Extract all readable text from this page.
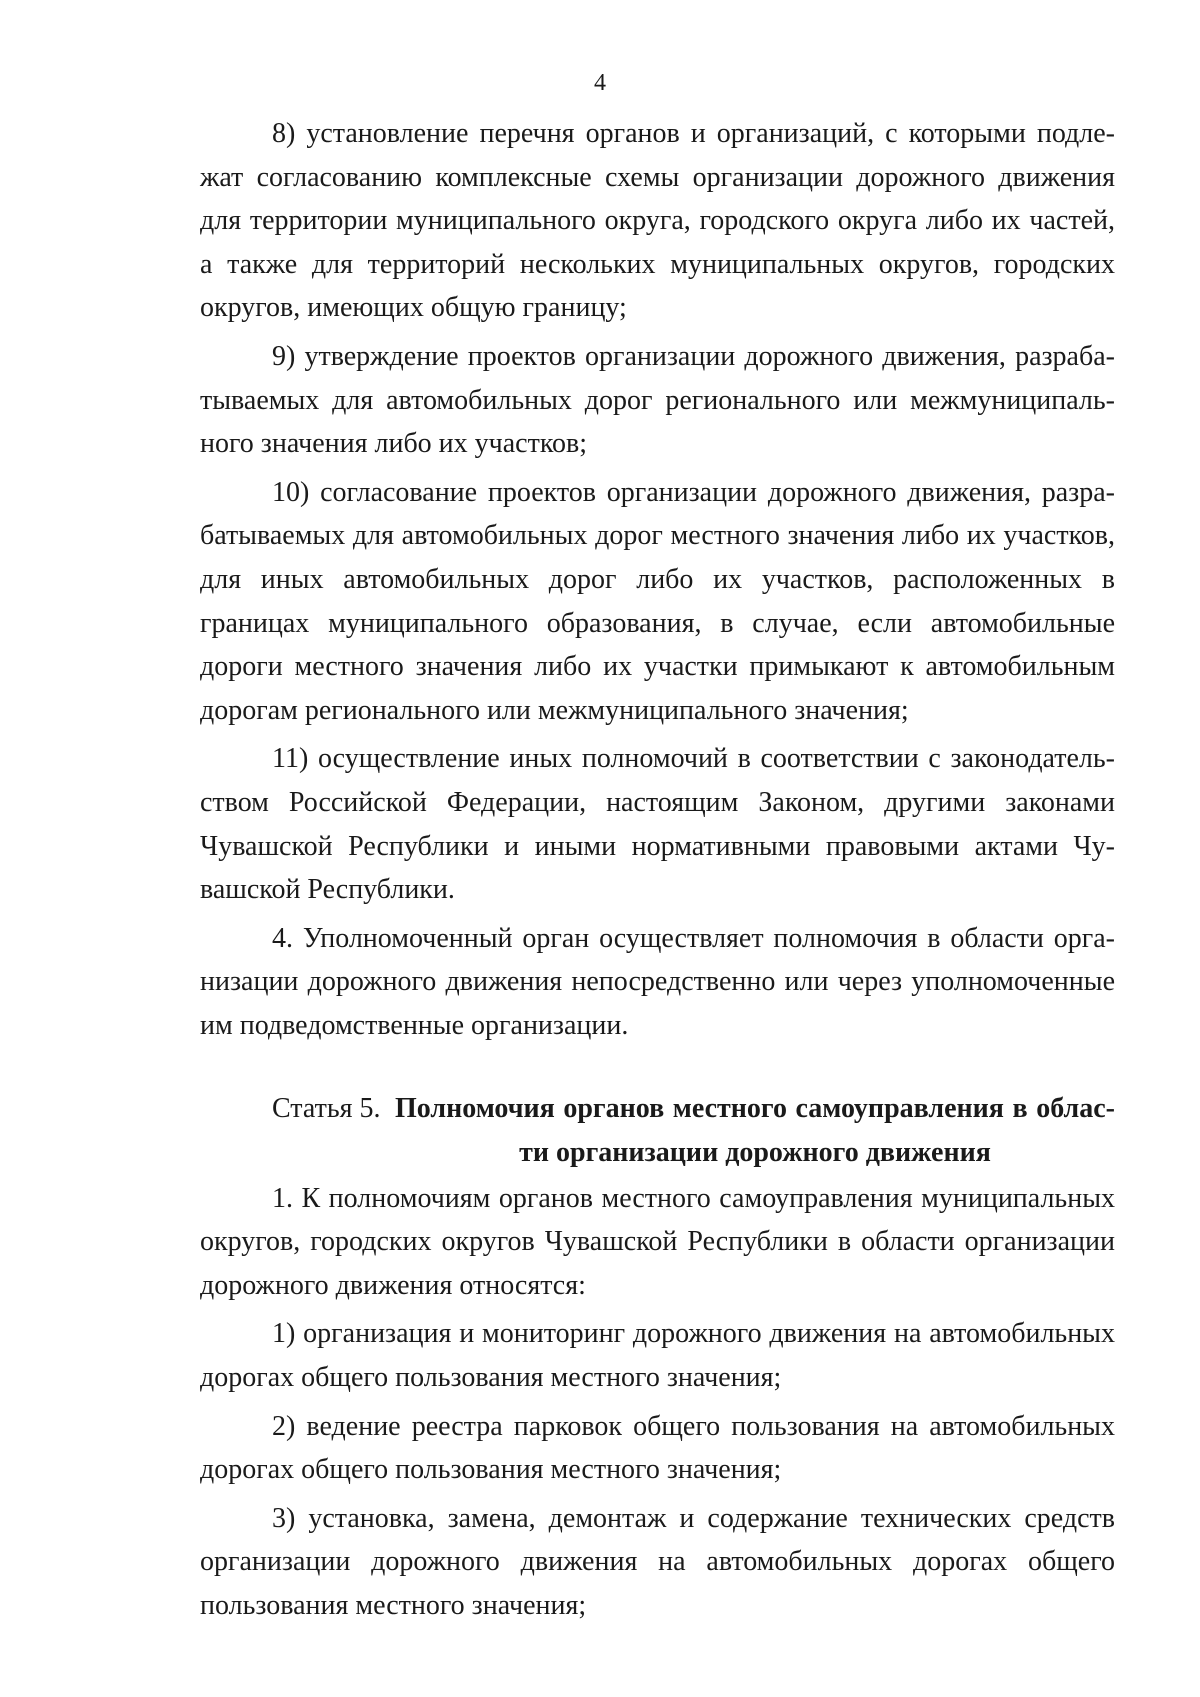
4

8) установление перечня органов и организаций, с которыми подлежат согласованию комплексные схемы организации дорожного движения для территории муниципального округа, городского округа либо их частей, а также для территорий нескольких муниципальных округов, городских округов, имеющих общую границу;

9) утверждение проектов организации дорожного движения, разрабатываемых для автомобильных дорог регионального или межмуниципального значения либо их участков;

10) согласование проектов организации дорожного движения, разрабатываемых для автомобильных дорог местного значения либо их участков, для иных автомобильных дорог либо их участков, расположенных в границах муниципального образования, в случае, если автомобильные дороги местного значения либо их участки примыкают к автомобильным дорогам регионального или межмуниципального значения;

11) осуществление иных полномочий в соответствии с законодательством Российской Федерации, настоящим Законом, другими законами Чувашской Республики и иными нормативными правовыми актами Чувашской Республики.

4. Уполномоченный орган осуществляет полномочия в области организации дорожного движения непосредственно или через уполномоченные им подведомственные организации.

Статья 5. Полномочия органов местного самоуправления в области организации дорожного движения

1. К полномочиям органов местного самоуправления муниципальных округов, городских округов Чувашской Республики в области организации дорожного движения относятся:

1) организация и мониторинг дорожного движения на автомобильных дорогах общего пользования местного значения;

2) ведение реестра парковок общего пользования на автомобильных дорогах общего пользования местного значения;

3) установка, замена, демонтаж и содержание технических средств организации дорожного движения на автомобильных дорогах общего пользования местного значения;
